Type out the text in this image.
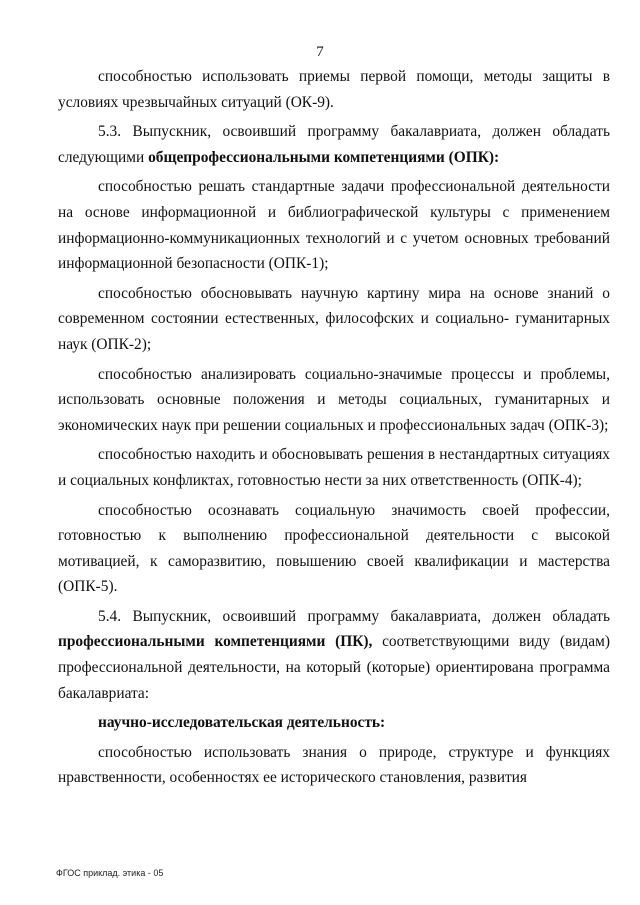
7

способностью использовать приемы первой помощи, методы защиты в условиях чрезвычайных ситуаций (ОК-9).

5.3. Выпускник, освоивший программу бакалавриата, должен обладать следующими общепрофессиональными компетенциями (ОПК):

способностью решать стандартные задачи профессиональной деятельности на основе информационной и библиографической культуры с применением информационно-коммуникационных технологий и с учетом основных требований информационной безопасности (ОПК-1);

способностью обосновывать научную картину мира на основе знаний о современном состоянии естественных, философских и социально- гуманитарных наук (ОПК-2);

способностью анализировать социально-значимые процессы и проблемы, использовать основные положения и методы социальных, гуманитарных и экономических наук при решении социальных и профессиональных задач (ОПК-3);

способностью находить и обосновывать решения в нестандартных ситуациях и социальных конфликтах, готовностью нести за них ответственность (ОПК-4);

способностью осознавать социальную значимость своей профессии, готовностью к выполнению профессиональной деятельности с высокой мотивацией, к саморазвитию, повышению своей квалификации и мастерства (ОПК-5).

5.4. Выпускник, освоивший программу бакалавриата, должен обладать профессиональными компетенциями (ПК), соответствующими виду (видам) профессиональной деятельности, на который (которые) ориентирована программа бакалавриата:

научно-исследовательская деятельность:

способностью использовать знания о природе, структуре и функциях нравственности, особенностях ее исторического становления, развития

ФГОС приклад. этика - 05
